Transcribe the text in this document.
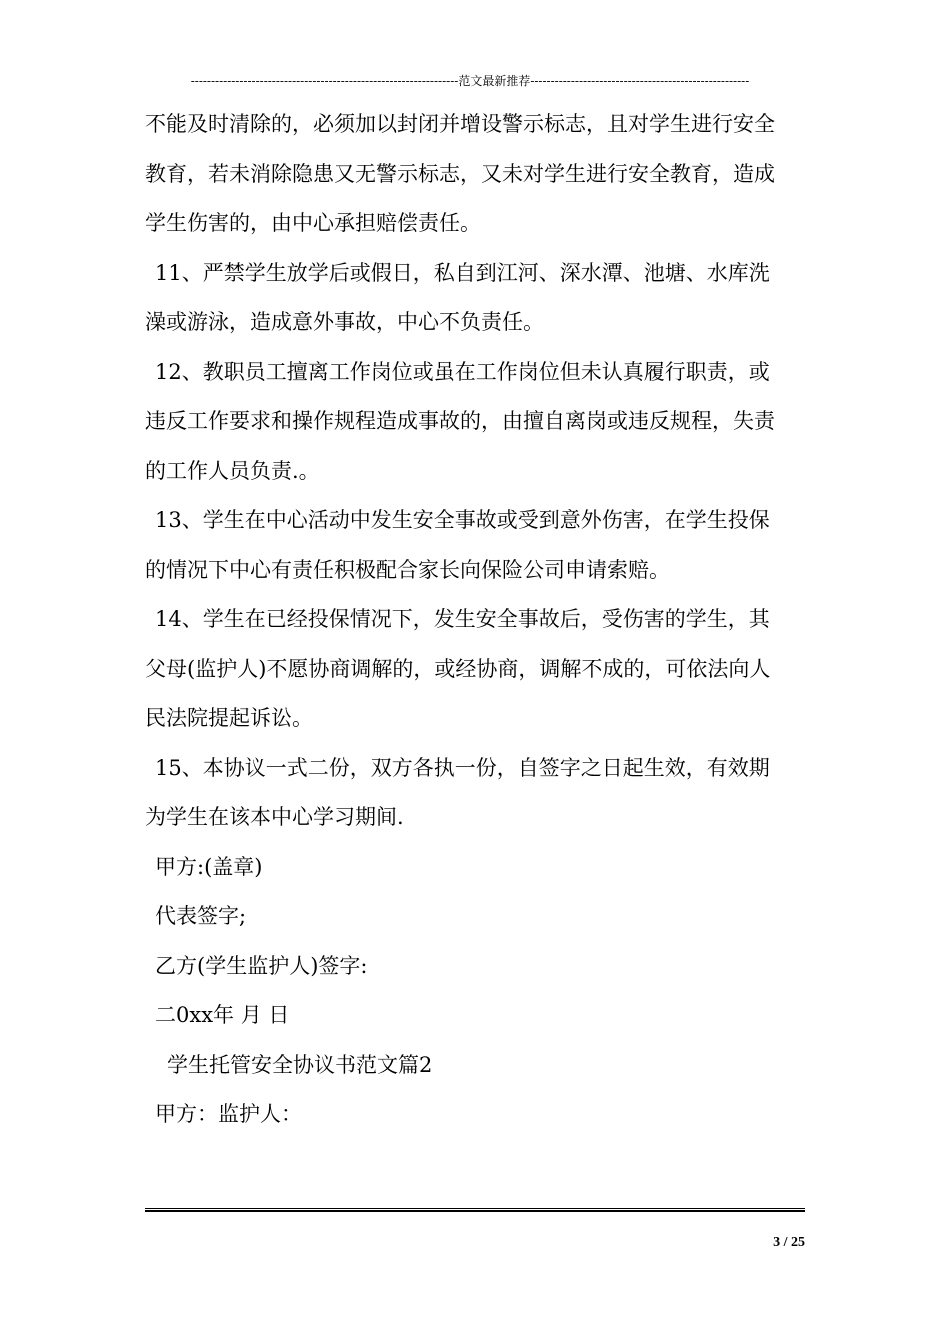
------------------------------------------------------------------范文最新推荐------------------------------------------------------
不能及时清除的，必须加以封闭并增设警示标志，且对学生进行安全
教育，若未消除隐患又无警示标志，又未对学生进行安全教育，造成
学生伤害的，由中心承担赔偿责任。
11、严禁学生放学后或假日，私自到江河、深水潭、池塘、水库洗
澡或游泳，造成意外事故，中心不负责任。
12、教职员工擅离工作岗位或虽在工作岗位但未认真履行职责，或
违反工作要求和操作规程造成事故的，由擅自离岗或违反规程，失责
的工作人员负责.。
13、学生在中心活动中发生安全事故或受到意外伤害，在学生投保
的情况下中心有责任积极配合家长向保险公司申请索赔。
14、学生在已经投保情况下，发生安全事故后，受伤害的学生，其
父母(监护人)不愿协商调解的，或经协商，调解不成的，可依法向人
民法院提起诉讼。
15、本协议一式二份，双方各执一份，自签字之日起生效，有效期
为学生在该本中心学习期间.
甲方:(盖章)
代表签字;
乙方(学生监护人)签字:
二0xx年 月 日
学生托管安全协议书范文篇2
甲方：监护人：
3 / 25
